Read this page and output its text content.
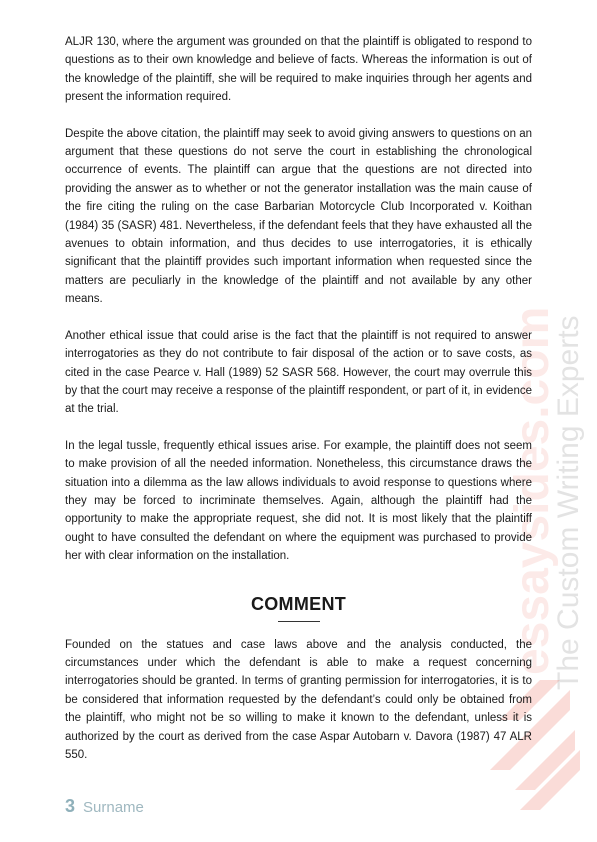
essaysides.com
The Custom Writing Experts

ALJR 130, where the argument was grounded on that the plaintiff is obligated to respond to questions as to their own knowledge and believe of facts. Whereas the information is out of the knowledge of the plaintiff, she will be required to make inquiries through her agents and present the information required.

Despite the above citation, the plaintiff may seek to avoid giving answers to questions on an argument that these questions do not serve the court in establishing the chronological occurrence of events. The plaintiff can argue that the questions are not directed into providing the answer as to whether or not the generator installation was the main cause of the fire citing the ruling on the case Barbarian Motorcycle Club Incorporated v. Koithan (1984) 35 (SASR) 481. Nevertheless, if the defendant feels that they have exhausted all the avenues to obtain information, and thus decides to use interrogatories, it is ethically significant that the plaintiff provides such important information when requested since the matters are peculiarly in the knowledge of the plaintiff and not available by any other means.

Another ethical issue that could arise is the fact that the plaintiff is not required to answer interrogatories as they do not contribute to fair disposal of the action or to save costs, as cited in the case Pearce v. Hall (1989) 52 SASR 568. However, the court may overrule this by that the court may receive a response of the plaintiff respondent, or part of it, in evidence at the trial.

In the legal tussle, frequently ethical issues arise. For example, the plaintiff does not seem to make provision of all the needed information. Nonetheless, this circumstance draws the situation into a dilemma as the law allows individuals to avoid response to questions where they may be forced to incriminate themselves. Again, although the plaintiff had the opportunity to make the appropriate request, she did not. It is most likely that the plaintiff ought to have consulted the defendant on where the equipment was purchased to provide her with clear information on the installation.

COMMENT

Founded on the statues and case laws above and the analysis conducted, the circumstances under which the defendant is able to make a request concerning interrogatories should be granted. In terms of granting permission for interrogatories, it is to be considered that information requested by the defendant’s could only be obtained from the plaintiff, who might not be so willing to make it known to the defendant, unless it is authorized by the court as derived from the case Aspar Autobarn v. Davora (1987) 47 ALR 550.

3 Surname
